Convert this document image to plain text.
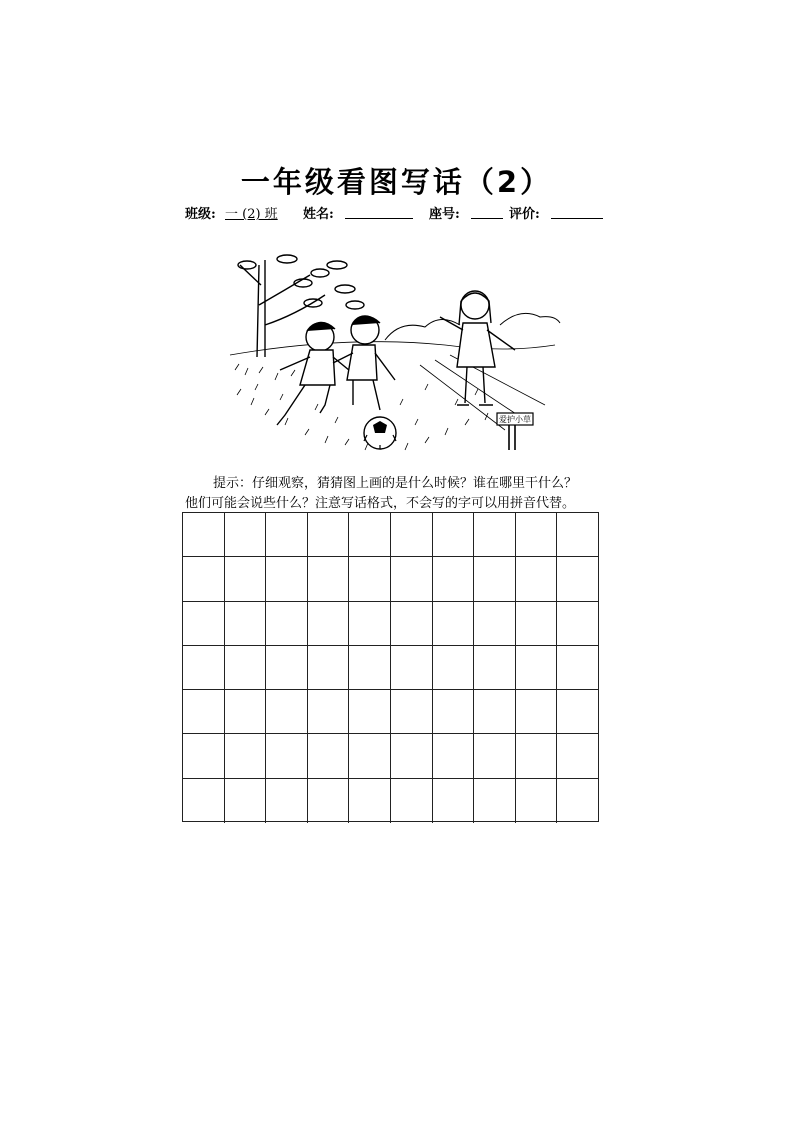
一年级看图写话（2）
班级: 一 (2) 班 姓名:	座号:	评价:
爱护小草
提示：仔细观察，猜猜图上画的是什么时候？谁在哪里干什么？
他们可能会说些什么？注意写话格式，不会写的字可以用拼音代替。
